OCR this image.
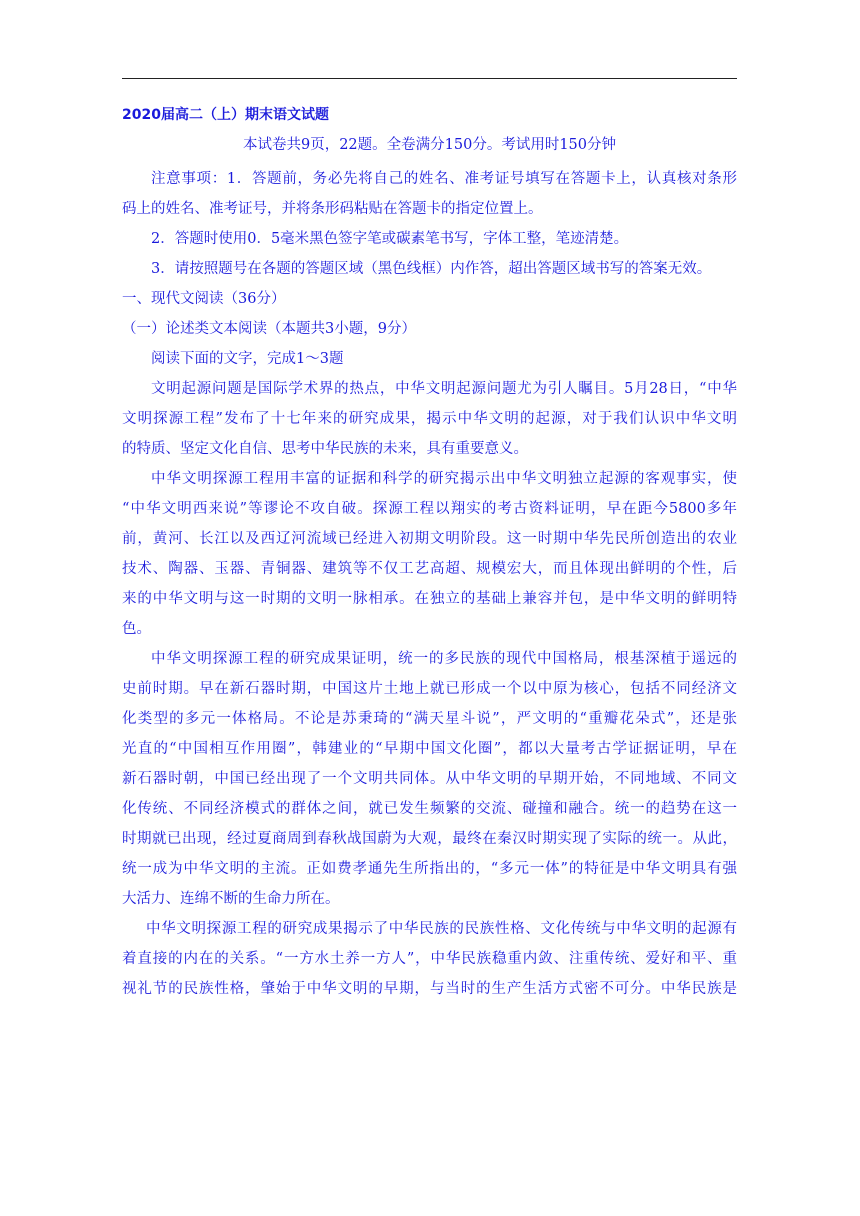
2020届高二（上）期末语文试题

本试卷共9页，22题。全卷满分150分。考试用时150分钟

注意事项：1．答题前，务必先将自己的姓名、准考证号填写在答题卡上，认真核对条形

码上的姓名、准考证号，并将条形码粘贴在答题卡的指定位置上。

2．答题时使用0．5毫米黑色签字笔或碳素笔书写，字体工整，笔迹清楚。

3．请按照题号在各题的答题区域（黑色线框）内作答，超出答题区域书写的答案无效。

一、现代文阅读（36分）

（一）论述类文本阅读（本题共3小题，9分）

阅读下面的文字，完成1～3题

文明起源问题是国际学术界的热点，中华文明起源问题尤为引人瞩目。5月28日，“中华

文明探源工程”发布了十七年来的研究成果，揭示中华文明的起源，对于我们认识中华文明

的特质、坚定文化自信、思考中华民族的未来，具有重要意义。

中华文明探源工程用丰富的证据和科学的研究揭示出中华文明独立起源的客观事实，使

“中华文明西来说”等谬论不攻自破。探源工程以翔实的考古资料证明，早在距今5800多年

前，黄河、长江以及西辽河流域已经进入初期文明阶段。这一时期中华先民所创造出的农业

技术、陶器、玉器、青铜器、建筑等不仅工艺高超、规模宏大，而且体现出鲜明的个性，后

来的中华文明与这一时期的文明一脉相承。在独立的基础上兼容并包，是中华文明的鲜明特

色。

中华文明探源工程的研究成果证明，统一的多民族的现代中国格局，根基深植于遥远的

史前时期。早在新石器时期，中国这片土地上就已形成一个以中原为核心，包括不同经济文

化类型的多元一体格局。不论是苏秉琦的“满天星斗说”，严文明的“重瓣花朵式”，还是张

光直的“中国相互作用圈”，韩建业的“早期中国文化圈”，都以大量考古学证据证明，早在

新石器时朝，中国已经出现了一个文明共同体。从中华文明的早期开始，不同地域、不同文

化传统、不同经济模式的群体之间，就已发生频繁的交流、碰撞和融合。统一的趋势在这一

时期就已出现，经过夏商周到春秋战国蔚为大观，最终在秦汉时期实现了实际的统一。从此，

统一成为中华文明的主流。正如费孝通先生所指出的，“多元一体”的特征是中华文明具有强

大活力、连绵不断的生命力所在。

中华文明探源工程的研究成果揭示了中华民族的民族性格、文化传统与中华文明的起源有

着直接的内在的关系。“一方水土养一方人”，中华民族稳重内敛、注重传统、爱好和平、重

视礼节的民族性格，肇始于中华文明的早期，与当时的生产生活方式密不可分。中华民族是
